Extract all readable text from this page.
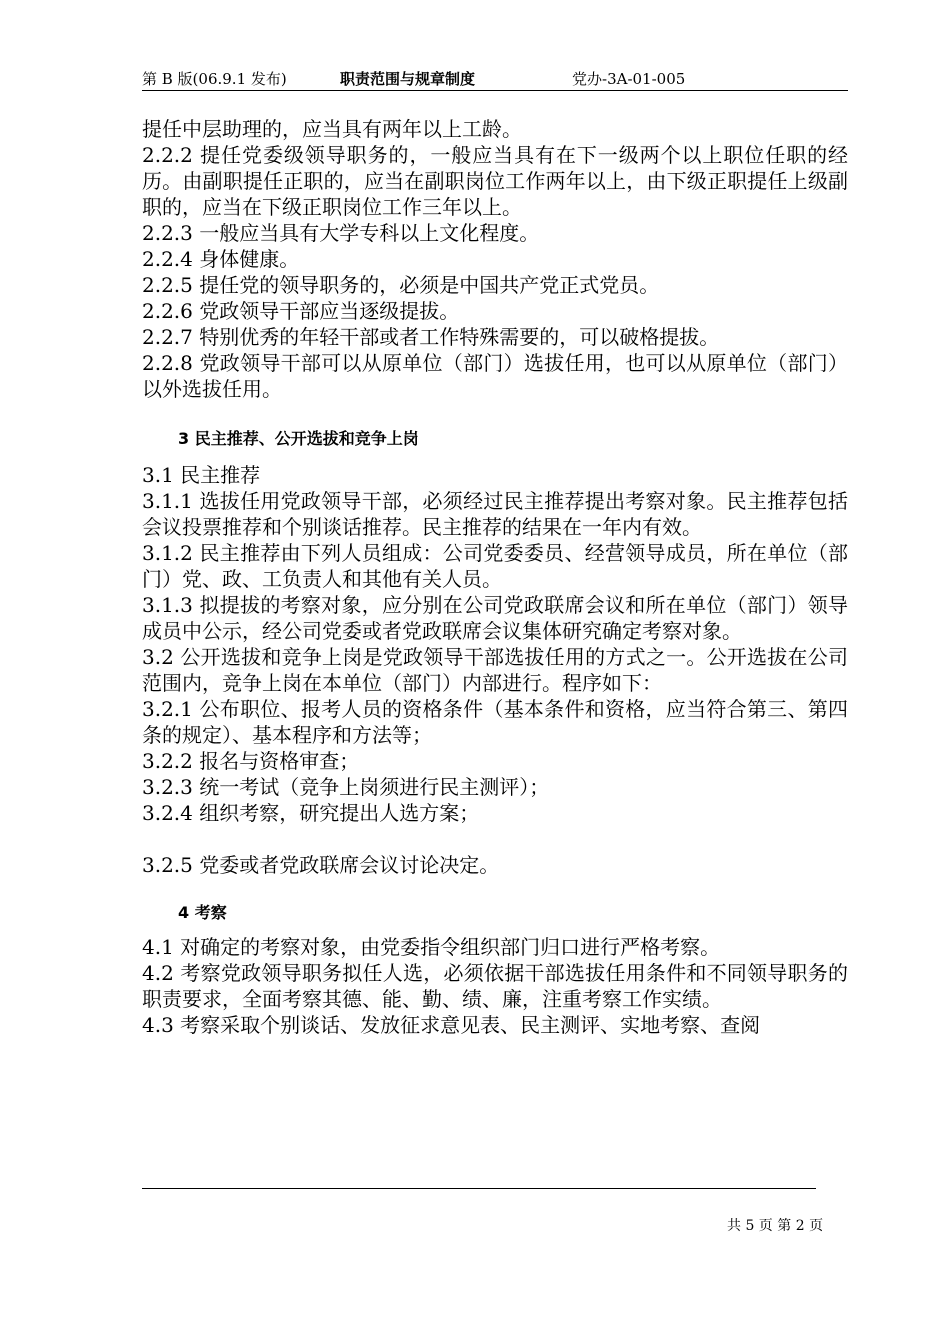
第 B 版(06.9.1 发布)	职责范围与规章制度	党办-3A-01-005

提任中层助理的，应当具有两年以上工龄。

2.2.2 提任党委级领导职务的，一般应当具有在下一级两个以上职位任职的经历。由副职提任正职的，应当在副职岗位工作两年以上，由下级正职提任上级副职的，应当在下级正职岗位工作三年以上。

2.2.3 一般应当具有大学专科以上文化程度。

2.2.4 身体健康。

2.2.5 提任党的领导职务的，必须是中国共产党正式党员。

2.2.6 党政领导干部应当逐级提拔。

2.2.7 特别优秀的年轻干部或者工作特殊需要的，可以破格提拔。

2.2.8 党政领导干部可以从原单位（部门）选拔任用，也可以从原单位（部门）以外选拔任用。

3 民主推荐、公开选拔和竞争上岗

3.1 民主推荐

3.1.1 选拔任用党政领导干部，必须经过民主推荐提出考察对象。民主推荐包括会议投票推荐和个别谈话推荐。民主推荐的结果在一年内有效。

3.1.2 民主推荐由下列人员组成：公司党委委员、经营领导成员，所在单位（部门）党、政、工负责人和其他有关人员。

3.1.3 拟提拔的考察对象，应分别在公司党政联席会议和所在单位（部门）领导成员中公示，经公司党委或者党政联席会议集体研究确定考察对象。

3.2 公开选拔和竞争上岗是党政领导干部选拔任用的方式之一。公开选拔在公司范围内，竞争上岗在本单位（部门）内部进行。程序如下：

3.2.1 公布职位、报考人员的资格条件（基本条件和资格，应当符合第三、第四条的规定）、基本程序和方法等；

3.2.2 报名与资格审查；

3.2.3 统一考试（竞争上岗须进行民主测评）；

3.2.4 组织考察，研究提出人选方案；

3.2.5 党委或者党政联席会议讨论决定。

4 考察

4.1 对确定的考察对象，由党委指令组织部门归口进行严格考察。

4.2 考察党政领导职务拟任人选，必须依据干部选拔任用条件和不同领导职务的职责要求，全面考察其德、能、勤、绩、廉，注重考察工作实绩。

4.3 考察采取个别谈话、发放征求意见表、民主测评、实地考察、查阅

共 5 页 第 2 页
